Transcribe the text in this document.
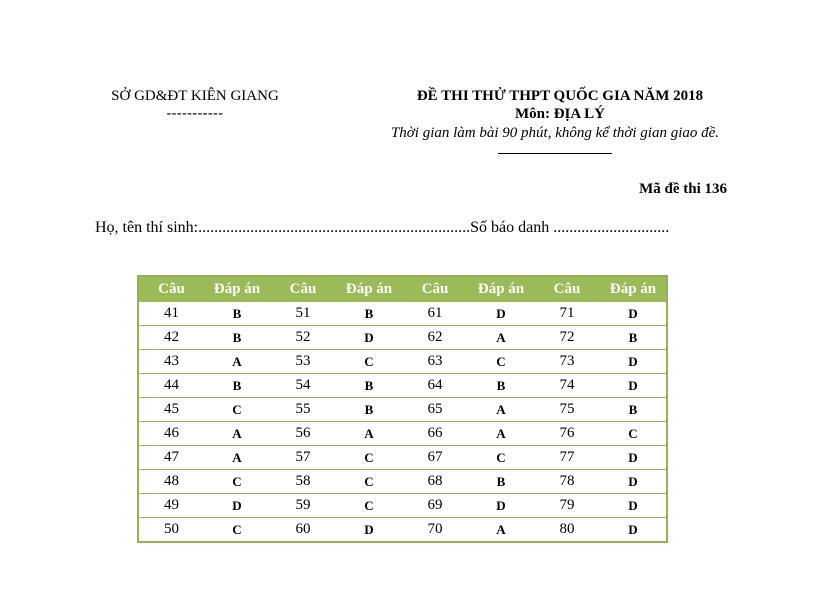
SỞ GD&ĐT KIÊN GIANG
-----------
ĐỀ THI THỬ THPT QUỐC GIA NĂM 2018
Môn: ĐỊA LÝ
Thời gian làm bài 90 phút, không kể thời gian giao đề.
Mã đề thi 136
Họ, tên thí sinh:....................................................................Số báo danh .............................
Câu	Đáp án	Câu	Đáp án	Câu	Đáp án	Câu	Đáp án
41	B	51	B	61	D	71	D
42	B	52	D	62	A	72	B
43	A	53	C	63	C	73	D
44	B	54	B	64	B	74	D
45	C	55	B	65	A	75	B
46	A	56	A	66	A	76	C
47	A	57	C	67	C	77	D
48	C	58	C	68	B	78	D
49	D	59	C	69	D	79	D
50	C	60	D	70	A	80	D
